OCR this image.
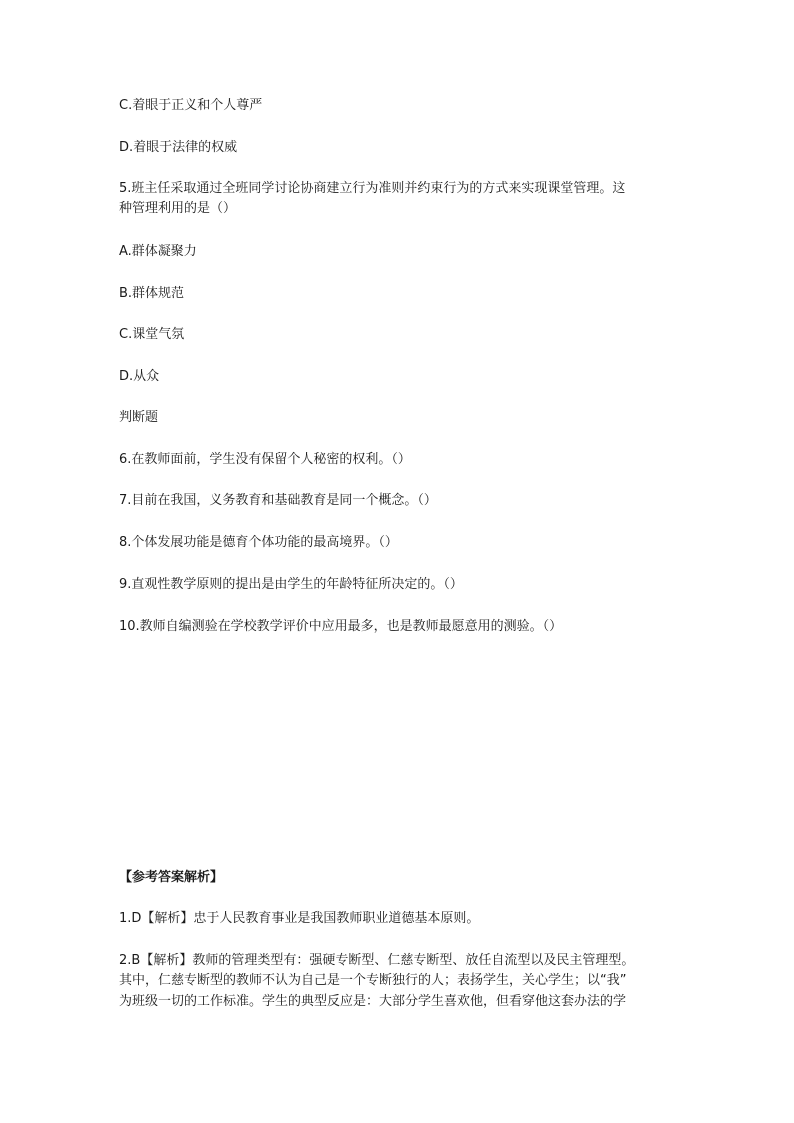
C.着眼于正义和个人尊严
D.着眼于法律的权威
5.班主任采取通过全班同学讨论协商建立行为准则并约束行为的方式来实现课堂管理。这
种管理利用的是（）
A.群体凝聚力
B.群体规范
C.课堂气氛
D.从众
判断题
6.在教师面前，学生没有保留个人秘密的权利。（）
7.目前在我国，义务教育和基础教育是同一个概念。（）
8.个体发展功能是德育个体功能的最高境界。（）
9.直观性教学原则的提出是由学生的年龄特征所决定的。（）
10.教师自编测验在学校教学评价中应用最多，也是教师最愿意用的测验。（）
【参考答案解析】
1.D【解析】忠于人民教育事业是我国教师职业道德基本原则。
2.B【解析】教师的管理类型有：强硬专断型、仁慈专断型、放任自流型以及民主管理型。
其中，仁慈专断型的教师不认为自己是一个专断独行的人；表扬学生，关心学生；以“我”
为班级一切的工作标准。学生的典型反应是：大部分学生喜欢他，但看穿他这套办法的学
